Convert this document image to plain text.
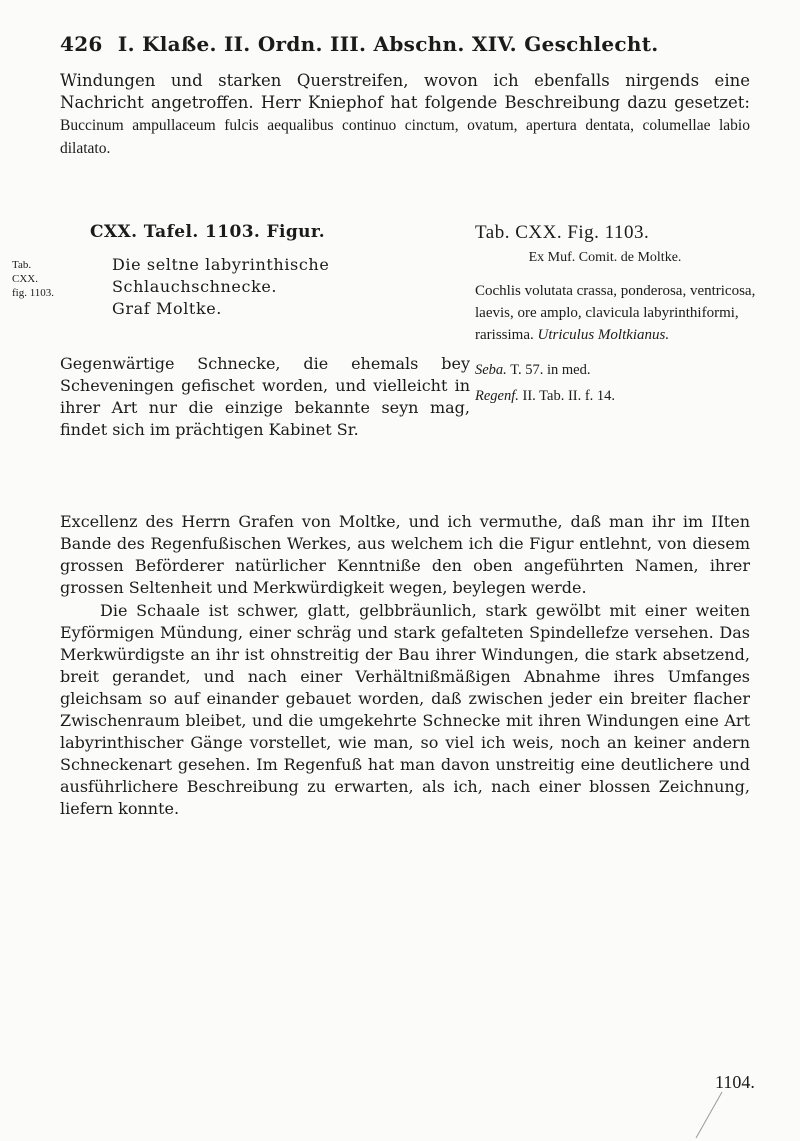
426 I. Klaße. II. Ordn. III. Abschn. XIV. Geschlecht.
Windungen und starken Querstreifen, wovon ich ebenfalls nirgends eine Nachricht angetroffen. Herr Kniephof hat folgende Beschreibung dazu gesetzet: Buccinum ampullaceum fulcis aequalibus continuo cinctum, ovatum, apertura dentata, columellae labio dilatato.
Tab.
CXX.
fig. 1103.
CXX. Tafel. 1103. Figur.
Die seltne labyrinthische
Schlauchschnecke.
Graf Moltke.
Tab. CXX. Fig. 1103.
Ex Muf. Comit. de Moltke.
Cochlis volutata crassa, ponderosa, ventricosa, laevis, ore amplo, clavicula labyrinthiformi, rarissima. Utriculus Moltkianus.
Gegenwärtige Schnecke, die ehemals bey Scheveningen gefischet worden, und vielleicht in ihrer Art nur die einzige bekannte seyn mag, findet sich im prächtigen Kabinet Sr.
Seba. T. 57. in med.
Regenf. II. Tab. II. f. 14.
Excellenz des Herrn Grafen von Moltke, und ich vermuthe, daß man ihr im IIten Bande des Regenfußischen Werkes, aus welchem ich die Figur entlehnt, von diesem grossen Beförderer natürlicher Kenntniße den oben angeführten Namen, ihrer grossen Seltenheit und Merkwürdigkeit wegen, beylegen werde.
Die Schaale ist schwer, glatt, gelbbräunlich, stark gewölbt mit einer weiten Eyförmigen Mündung, einer schräg und stark gefalteten Spindellefze versehen. Das Merkwürdigste an ihr ist ohnstreitig der Bau ihrer Windungen, die stark absetzend, breit gerandet, und nach einer Verhältnißmäßigen Abnahme ihres Umfanges gleichsam so auf einander gebauet worden, daß zwischen jeder ein breiter flacher Zwischenraum bleibet, und die umgekehrte Schnecke mit ihren Windungen eine Art labyrinthischer Gänge vorstellet, wie man, so viel ich weis, noch an keiner andern Schneckenart gesehen. Im Regenfuß hat man davon unstreitig eine deutlichere und ausführlichere Beschreibung zu erwarten, als ich, nach einer blossen Zeichnung, liefern konnte.
1104.
